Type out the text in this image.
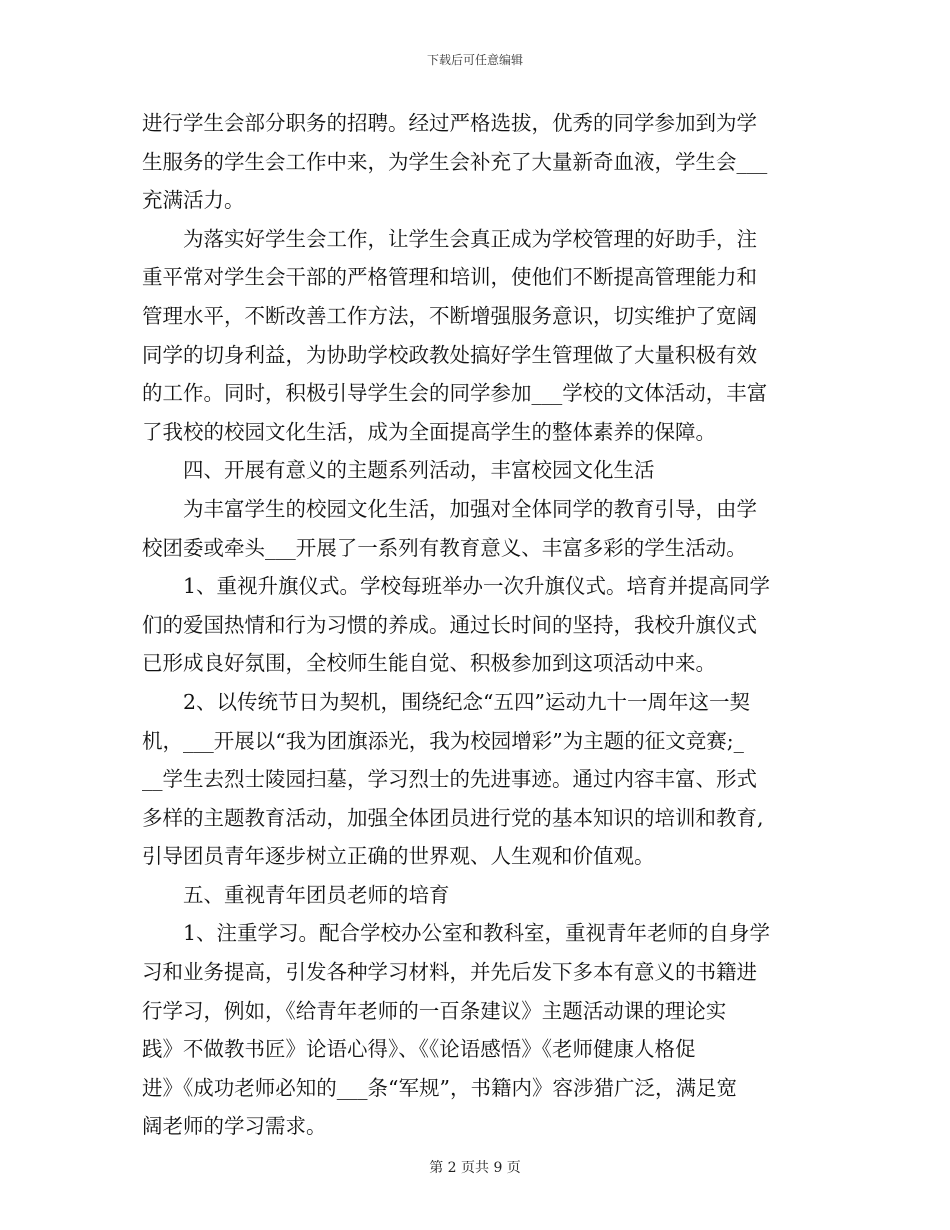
下载后可任意编辑
进行学生会部分职务的招聘。经过严格选拔，优秀的同学参加到为学
生服务的学生会工作中来，为学生会补充了大量新奇血液，学生会___
充满活力。
为落实好学生会工作，让学生会真正成为学校管理的好助手，注
重平常对学生会干部的严格管理和培训，使他们不断提高管理能力和
管理水平，不断改善工作方法，不断增强服务意识，切实维护了宽阔
同学的切身利益，为协助学校政教处搞好学生管理做了大量积极有效
的工作。同时，积极引导学生会的同学参加___学校的文体活动，丰富
了我校的校园文化生活，成为全面提高学生的整体素养的保障。
四、开展有意义的主题系列活动，丰富校园文化生活
为丰富学生的校园文化生活，加强对全体同学的教育引导，由学
校团委或牵头___开展了一系列有教育意义、丰富多彩的学生活动。
1、重视升旗仪式。学校每班举办一次升旗仪式。培育并提高同学
们的爱国热情和行为习惯的养成。通过长时间的坚持，我校升旗仪式
已形成良好氛围，全校师生能自觉、积极参加到这项活动中来。
2、以传统节日为契机，围绕纪念“五四”运动九十一周年这一契
机，___开展以“我为团旗添光，我为校园增彩”为主题的征文竞赛;_
__学生去烈士陵园扫墓，学习烈士的先进事迹。通过内容丰富、形式
多样的主题教育活动，加强全体团员进行党的基本知识的培训和教育,
引导团员青年逐步树立正确的世界观、人生观和价值观。
五、重视青年团员老师的培育
1、注重学习。配合学校办公室和教科室，重视青年老师的自身学
习和业务提高，引发各种学习材料，并先后发下多本有意义的书籍进
行学习，例如，《给青年老师的一百条建议》主题活动课的理论实
践》不做教书匠》论语心得》、《《论语感悟》《老师健康人格促
进》《成功老师必知的___条“军规”，书籍内》容涉猎广泛，满足宽
阔老师的学习需求。
第 2 页共 9 页
